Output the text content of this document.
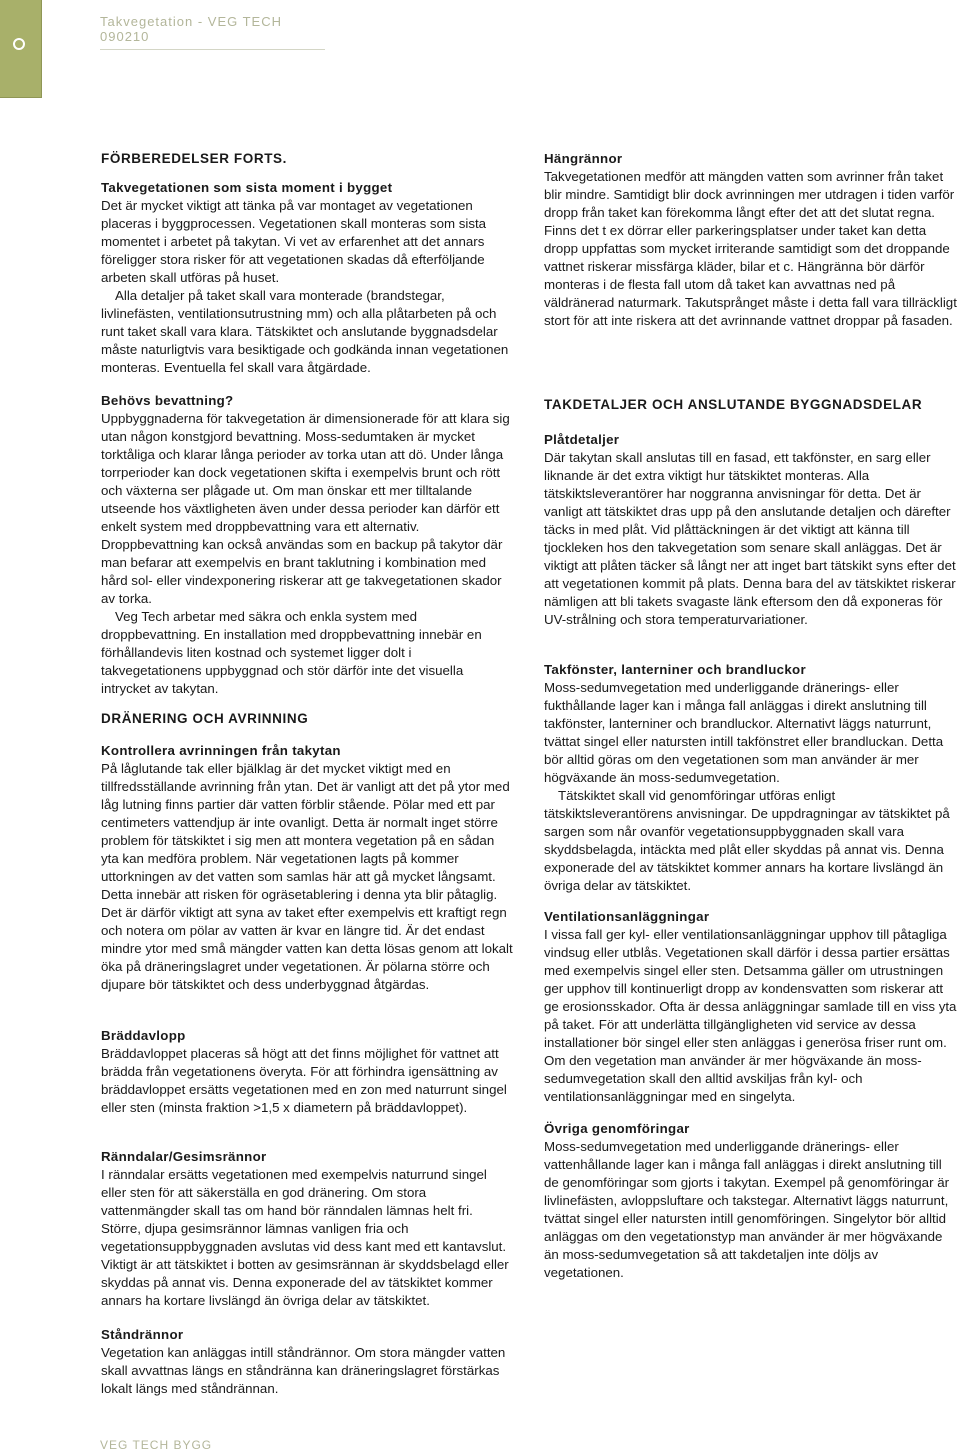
Takvegetation - VEG TECH 090210
FÖRBEREDELSER FORTS.
Takvegetationen som sista moment i bygget

Det är mycket viktigt att tänka på var montaget av vegetationen placeras i byggprocessen. Vegetationen skall monteras som sista momentet i arbetet på takytan. Vi vet av erfarenhet att det annars föreligger stora risker för att vegetationen skadas då efterföljande arbeten skall utföras på huset.

Alla detaljer på taket skall vara monterade (brandstegar, livlinefästen, ventilationsutrustning mm) och alla plåtarbeten på och runt taket skall vara klara. Tätskiktet och anslutande byggnadsdelar måste naturligtvis vara besiktigade och godkända innan vegetationen monteras. Eventuella fel skall vara åtgärdade.

Behövs bevattning?

Uppbyggnaderna för takvegetation är dimensionerade för att klara sig utan någon konstgjord bevattning. Moss-sedumtaken är mycket torktåliga och klarar långa perioder av torka utan att dö. Under långa torrperioder kan dock vegetationen skifta i exempelvis brunt och rött och växterna ser plågade ut. Om man önskar ett mer tilltalande utseende hos växtligheten även under dessa perioder kan därför ett enkelt system med droppbevattning vara ett alternativ. Droppbevattning kan också användas som en backup på takytor där man befarar att exempelvis en brant taklutning i kombination med hård sol- eller vindexponering riskerar att ge takvegetationen skador av torka.

Veg Tech arbetar med säkra och enkla system med droppbevattning. En installation med droppbevattning innebär en förhållandevis liten kostnad och systemet ligger dolt i takvegetationens uppbyggnad och stör därför inte det visuella intrycket av takytan.

DRÄNERING OCH AVRINNING
Kontrollera avrinningen från takytan

På låglutande tak eller bjälklag är det mycket viktigt med en tillfredsställande avrinning från ytan. Det är vanligt att det på ytor med låg lutning finns partier där vatten förblir stående. Pölar med ett par centimeters vattendjup är inte ovanligt. Detta är normalt inget större problem för tätskiktet i sig men att montera vegetation på en sådan yta kan medföra problem. När vegetationen lagts på kommer uttorkningen av det vatten som samlas här att gå mycket långsamt. Detta innebär att risken för ogräsetablering i denna yta blir påtaglig. Det är därför viktigt att syna av taket efter exempelvis ett kraftigt regn och notera om pölar av vatten är kvar en längre tid. Är det endast mindre ytor med små mängder vatten kan detta lösas genom att lokalt öka på dräneringslagret under vegetationen. Är pölarna större och djupare bör tätskiktet och dess underbyggnad åtgärdas.

Bräddavlopp

Bräddavloppet placeras så högt att det finns möjlighet för vattnet att brädda från vegetationens överyta. För att förhindra igensättning av bräddavloppet ersätts vegetationen med en zon med naturrunt singel eller sten (minsta fraktion >1,5 x diametern på bräddavloppet).

Ränndalar/Gesimsrännor

I ränndalar ersätts vegetationen med exempelvis naturrund singel eller sten för att säkerställa en god dränering. Om stora vattenmängder skall tas om hand bör ränndalen lämnas helt fri. Större, djupa gesimsrännor lämnas vanligen fria och vegetationsuppbyggnaden avslutas vid dess kant med ett kantavslut. Viktigt är att tätskiktet i botten av gesimsrännan är skyddsbelagd eller skyddas på annat vis. Denna exponerade del av tätskiktet kommer annars ha kortare livslängd än övriga delar av tätskiktet.

Ståndrännor

Vegetation kan anläggas intill ståndrännor. Om stora mängder vatten skall avvattnas längs en ståndränna kan dräneringslagret förstärkas lokalt längs med ståndrännan.

Hängrännor

Takvegetationen medför att mängden vatten som avrinner från taket blir mindre. Samtidigt blir dock avrinningen mer utdragen i tiden varför dropp från taket kan förekomma långt efter det att det slutat regna. Finns det t ex dörrar eller parkeringsplatser under taket kan detta dropp uppfattas som mycket irriterande samtidigt som det droppande vattnet riskerar missfärga kläder, bilar et c. Hängränna bör därför monteras i de flesta fall utom då taket kan avvattnas ned på väldränerad naturmark. Takutsprånget måste i detta fall vara tillräckligt stort för att inte riskera att det avrinnande vattnet droppar på fasaden.

TAKDETALJER OCH ANSLUTANDE BYGGNADSDELAR
Plåtdetaljer

Där takytan skall anslutas till en fasad, ett takfönster, en sarg eller liknande är det extra viktigt hur tätskiktet monteras. Alla tätskiktsleverantörer har noggranna anvisningar för detta. Det är vanligt att tätskiktet dras upp på den anslutande detaljen och därefter täcks in med plåt. Vid plåttäckningen är det viktigt att känna till tjockleken hos den takvegetation som senare skall anläggas. Det är viktigt att plåten täcker så långt ner att inget bart tätskikt syns efter det att vegetationen kommit på plats. Denna bara del av tätskiktet riskerar nämligen att bli takets svagaste länk eftersom den då exponeras för UV-strålning och stora temperaturvariationer.

Takfönster, lanterniner och brandluckor

Moss-sedumvegetation med underliggande dränerings- eller fukthållande lager kan i många fall anläggas i direkt anslutning till takfönster, lanterniner och brandluckor. Alternativt läggs naturrunt, tvättat singel eller natursten intill takfönstret eller brandluckan. Detta bör alltid göras om den vegetationen som man använder är mer högväxande än moss-sedumvegetation.

Tätskiktet skall vid genomföringar utföras enligt tätskiktsleverantörens anvisningar. De uppdragningar av tätskiktet på sargen som når ovanför vegetationsuppbyggnaden skall vara skyddsbelagda, intäckta med plåt eller skyddas på annat vis. Denna exponerade del av tätskiktet kommer annars ha kortare livslängd än övriga delar av tätskiktet.

Ventilationsanläggningar

I vissa fall ger kyl- eller ventilationsanläggningar upphov till påtagliga vindsug eller utblås. Vegetationen skall därför i dessa partier ersättas med exempelvis singel eller sten. Detsamma gäller om utrustningen ger upphov till kontinuerligt dropp av kondensvatten som riskerar att ge erosionsskador. Ofta är dessa anläggningar samlade till en viss yta på taket. För att underlätta tillgängligheten vid service av dessa installationer bör singel eller sten anläggas i generösa friser runt om. Om den vegetation man använder är mer högväxande än moss-sedumvegetation skall den alltid avskiljas från kyl- och ventilationsanläggningar med en singelyta.

Övriga genomföringar

Moss-sedumvegetation med underliggande dränerings- eller vattenhållande lager kan i många fall anläggas i direkt anslutning till de genomföringar som gjorts i takytan. Exempel på genomföringar är livlinefästen, avloppsluftare och takstegar. Alternativt läggs naturrunt, tvättat singel eller natursten intill genomföringen. Singelytor bör alltid anläggas om den vegetationstyp man använder är mer högväxande än moss-sedumvegetation så att takdetaljen inte döljs av vegetationen.

VEG TECH BYGG
